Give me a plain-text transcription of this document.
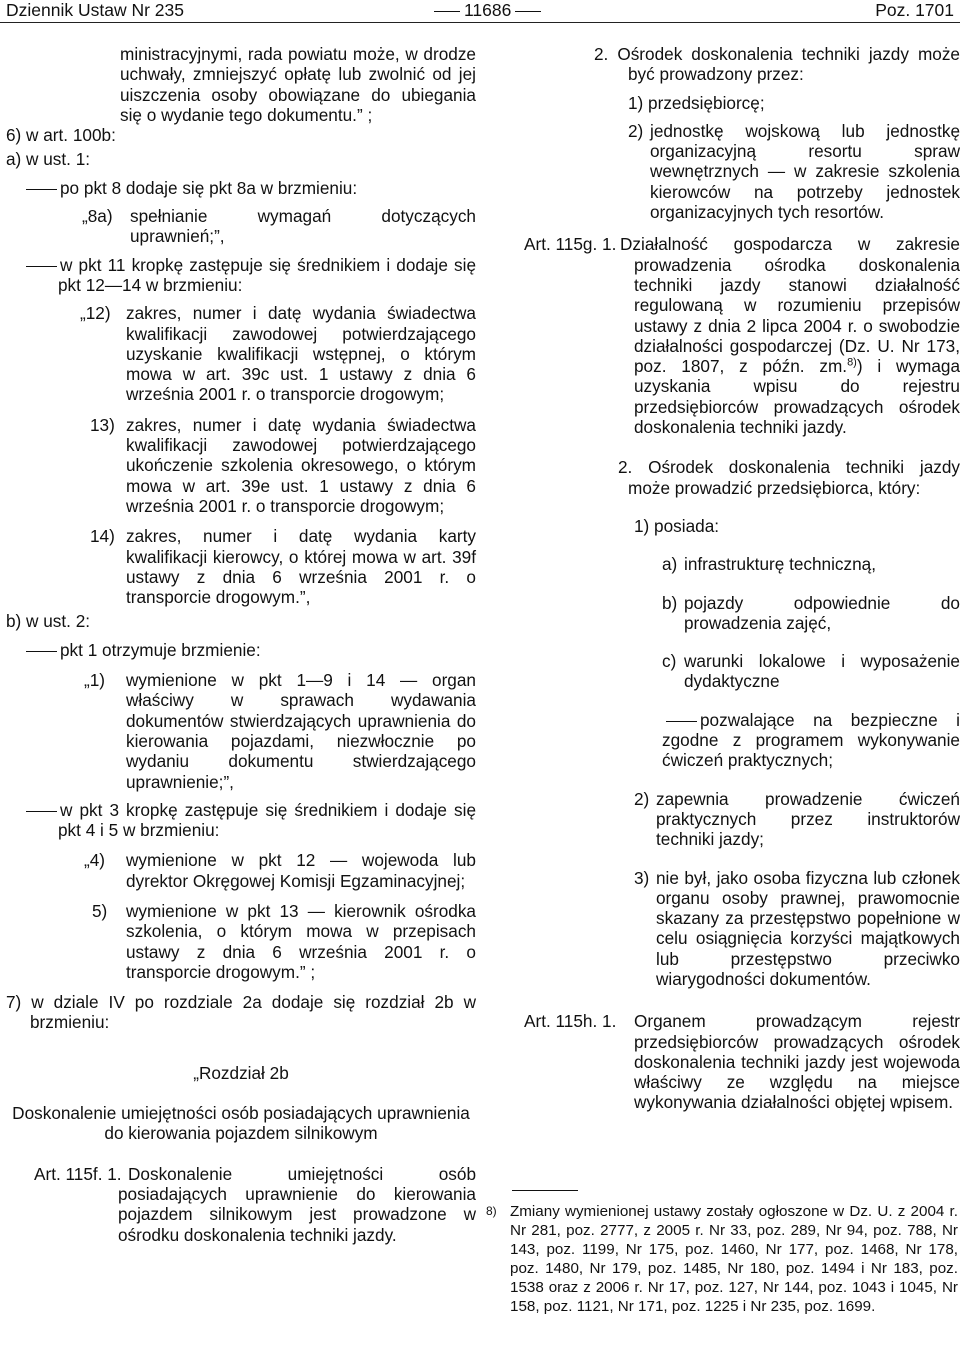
Dziennik Ustaw Nr 235	11686	Poz. 1701

ministracyjnymi, rada powiatu może, w drodze uchwały, zmniejszyć opłatę lub zwolnić od jej uiszczenia osoby obowiązane do ubiegania się o wydanie tego dokumentu.” ;

6) w art. 100b:

a) w ust. 1:

po pkt 8 dodaje się pkt 8a w brzmieniu:

„8a) spełnianie wymagań dotyczących uprawnień;”,

w pkt 11 kropkę zastępuje się średnikiem i dodaje się pkt 12—14 w brzmieniu:

„12) zakres, numer i datę wydania świadectwa kwalifikacji zawodowej potwierdzającego uzyskanie kwalifikacji wstępnej, o którym mowa w art. 39c ust. 1 ustawy z dnia 6 września 2001 r. o transporcie drogowym;

13) zakres, numer i datę wydania świadectwa kwalifikacji zawodowej potwierdzającego ukończenie szkolenia okresowego, o którym mowa w art. 39e ust. 1 ustawy z dnia 6 września 2001 r. o transporcie drogowym;

14) zakres, numer i datę wydania karty kwalifikacji kierowcy, o której mowa w art. 39f ustawy z dnia 6 września 2001 r. o transporcie drogowym.”,

b) w ust. 2:

pkt 1 otrzymuje brzmienie:

„1) wymienione w pkt 1—9 i 14 — organ właściwy w sprawach wydawania dokumentów stwierdzających uprawnienia do kierowania pojazdami, niezwłocznie po wydaniu dokumentu stwierdzającego uprawnienie;”,

w pkt 3 kropkę zastępuje się średnikiem i dodaje się pkt 4 i 5 w brzmieniu:

„4) wymienione w pkt 12 — wojewoda lub dyrektor Okręgowej Komisji Egzaminacyjnej;

5) wymienione w pkt 13 — kierownik ośrodka szkolenia, o którym mowa w przepisach ustawy z dnia 6 września 2001 r. o transporcie drogowym.” ;

7) w dziale IV po rozdziale 2a dodaje się rozdział 2b w brzmieniu:

„Rozdział 2b

Doskonalenie umiejętności osób posiadających uprawnienia

do kierowania pojazdem silnikowym

Art. 115f. 1. Doskonalenie umiejętności osób posiadających uprawnienie do kierowania pojazdem silnikowym jest prowadzone w ośrodku doskonalenia techniki jazdy.

2. Ośrodek doskonalenia techniki jazdy może być prowadzony przez:

1) przedsiębiorcę;

2) jednostkę wojskową lub jednostkę organizacyjną resortu spraw wewnętrznych — w zakresie szkolenia kierowców na potrzeby jednostek organizacyjnych tych resortów.

Art. 115g. 1. Działalność gospodarcza w zakresie prowadzenia ośrodka doskonalenia techniki jazdy stanowi działalność regulowaną w rozumieniu przepisów ustawy z dnia 2 lipca 2004 r. o swobodzie działalności gospodarczej (Dz. U. Nr 173, poz. 1807, z późn. zm.$^{8)}$) i wymaga uzyskania wpisu do rejestru przedsiębiorców prowadzących ośrodek doskonalenia techniki jazdy.

2. Ośrodek doskonalenia techniki jazdy może prowadzić przedsiębiorca, który:

1) posiada:

a) infrastrukturę techniczną,

b) pojazdy odpowiednie do prowadzenia zajęć,

c) warunki lokalowe i wyposażenie dydaktyczne

pozwalające na bezpieczne i zgodne z programem wykonywanie ćwiczeń praktycznych;

2) zapewnia prowadzenie ćwiczeń praktycznych przez instruktorów techniki jazdy;

3) nie był, jako osoba fizyczna lub członek organu osoby prawnej, prawomocnie skazany za przestępstwo popełnione w celu osiągnięcia korzyści majątkowych lub przestępstwo przeciwko wiarygodności dokumentów.

Art. 115h. 1. Organem prowadzącym rejestr przedsiębiorców prowadzących ośrodek doskonalenia techniki jazdy jest wojewoda właściwy ze względu na miejsce wykonywania działalności objętej wpisem.

8) Zmiany wymienionej ustawy zostały ogłoszone w Dz. U. z 2004 r. Nr 281, poz. 2777, z 2005 r. Nr 33, poz. 289, Nr 94, poz. 788, Nr 143, poz. 1199, Nr 175, poz. 1460, Nr 177, poz. 1468, Nr 178, poz. 1480, Nr 179, poz. 1485, Nr 180, poz. 1494 i Nr 183, poz. 1538 oraz z 2006 r. Nr 17, poz. 127, Nr 144, poz. 1043 i 1045, Nr 158, poz. 1121, Nr 171, poz. 1225 i Nr 235, poz. 1699.
